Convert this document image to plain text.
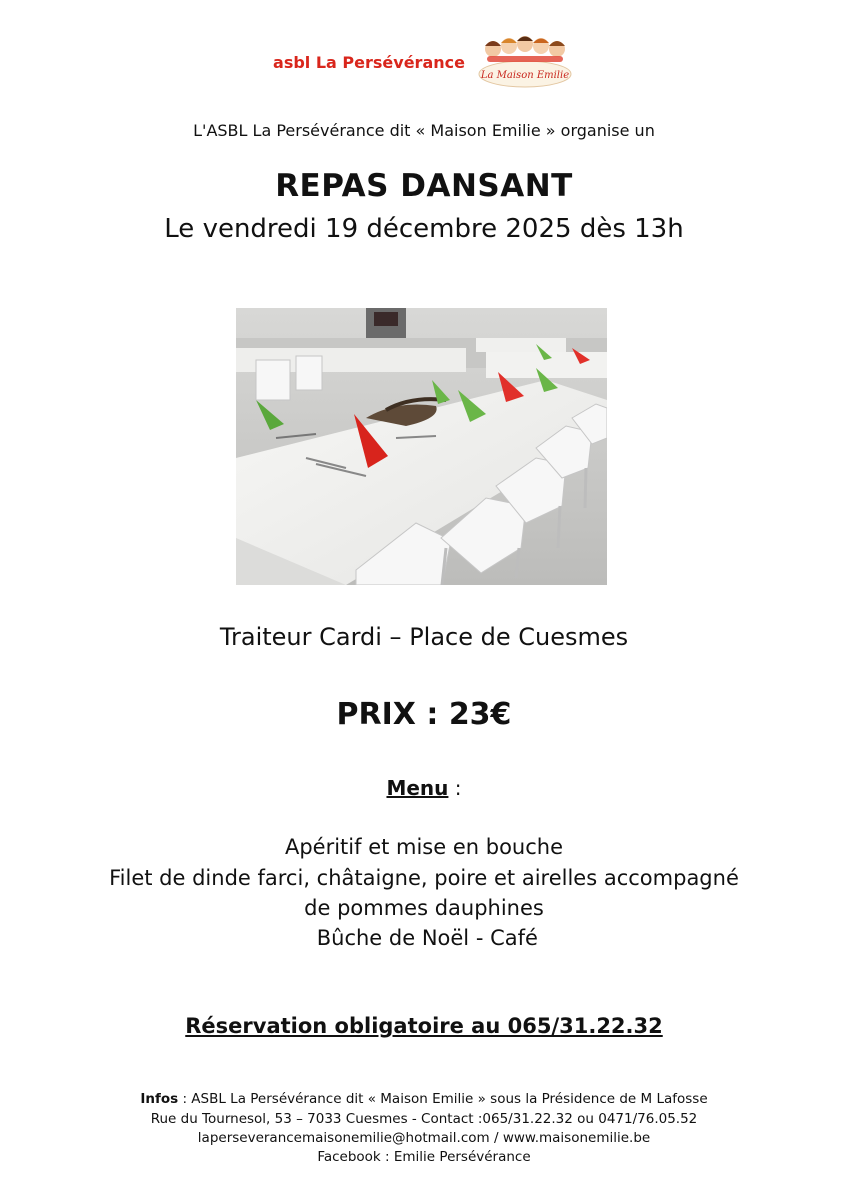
asbl La Persévérance
La Maison Emilie
L'ASBL La Persévérance dit « Maison Emilie » organise un
REPAS DANSANT
Le vendredi 19 décembre 2025 dès 13h
Traiteur Cardi – Place de Cuesmes
PRIX : 23€
Menu :
Apéritif et mise en bouche
Filet de dinde farci, châtaigne, poire et airelles accompagné
de pommes dauphines
Bûche de Noël - Café
Réservation obligatoire au 065/31.22.32
Infos : ASBL La Persévérance dit « Maison Emilie » sous la Présidence de M Lafosse
Rue du Tournesol, 53 – 7033 Cuesmes - Contact :065/31.22.32 ou 0471/76.05.52
laperseverancemaisonemilie@hotmail.com / www.maisonemilie.be
Facebook : Emilie Persévérance
